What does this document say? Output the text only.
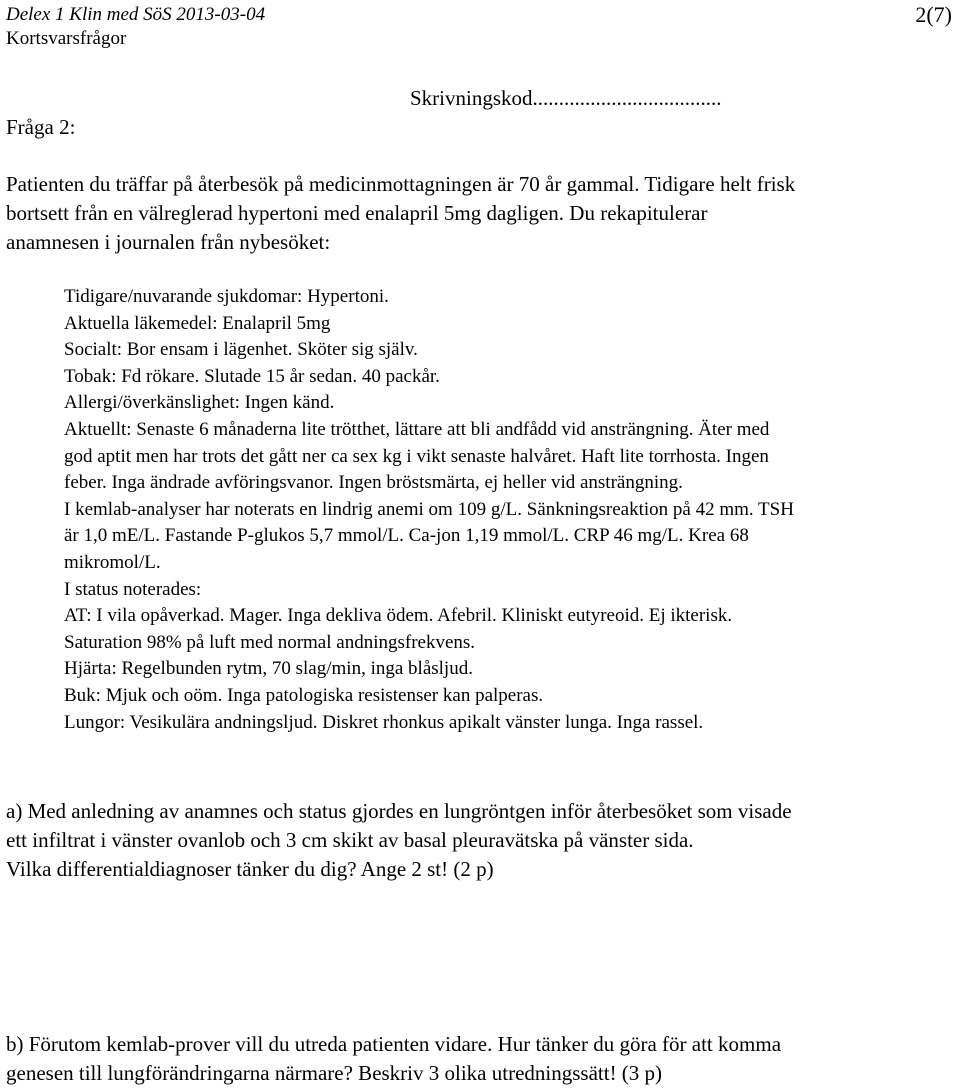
Delex 1 Klin med SöS 2013-03-04
Kortsvarsfrågor
2(7)
Fråga 2:
Skrivningskod....................................
Patienten du träffar på återbesök på medicinmottagningen är 70 år gammal. Tidigare helt frisk
bortsett från en välreglerad hypertoni med enalapril 5mg dagligen. Du rekapitulerar
anamnesen i journalen från nybesöket:
Tidigare/nuvarande sjukdomar: Hypertoni.
Aktuella läkemedel: Enalapril 5mg
Socialt: Bor ensam i lägenhet. Sköter sig själv.
Tobak: Fd rökare. Slutade 15 år sedan. 40 packår.
Allergi/överkänslighet: Ingen känd.
Aktuellt: Senaste 6 månaderna lite trötthet, lättare att bli andfådd vid ansträngning. Äter med
god aptit men har trots det gått ner ca sex kg i vikt senaste halvåret. Haft lite torrhosta. Ingen
feber. Inga ändrade avföringsvanor. Ingen bröstsmärta, ej heller vid ansträngning.
I kemlab-analyser har noterats en lindrig anemi om 109 g/L. Sänkningsreaktion på 42 mm. TSH
är 1,0 mE/L. Fastande P-glukos 5,7 mmol/L. Ca-jon 1,19 mmol/L. CRP 46 mg/L. Krea 68
mikromol/L.
I status noterades:
AT: I vila opåverkad. Mager. Inga dekliva ödem. Afebril. Kliniskt eutyreoid. Ej ikterisk.
Saturation 98% på luft med normal andningsfrekvens.
Hjärta: Regelbunden rytm, 70 slag/min, inga blåsljud.
Buk: Mjuk och oöm. Inga patologiska resistenser kan palperas.
Lungor: Vesikulära andningsljud. Diskret rhonkus apikalt vänster lunga. Inga rassel.
a) Med anledning av anamnes och status gjordes en lungröntgen inför återbesöket som visade
ett infiltrat i vänster ovanlob och 3 cm skikt av basal pleuravätska på vänster sida.
Vilka differentialdiagnoser tänker du dig? Ange 2 st! (2 p)
b) Förutom kemlab-prover vill du utreda patienten vidare. Hur tänker du göra för att komma
genesen till lungförändringarna närmare? Beskriv 3 olika utredningssätt! (3 p)
